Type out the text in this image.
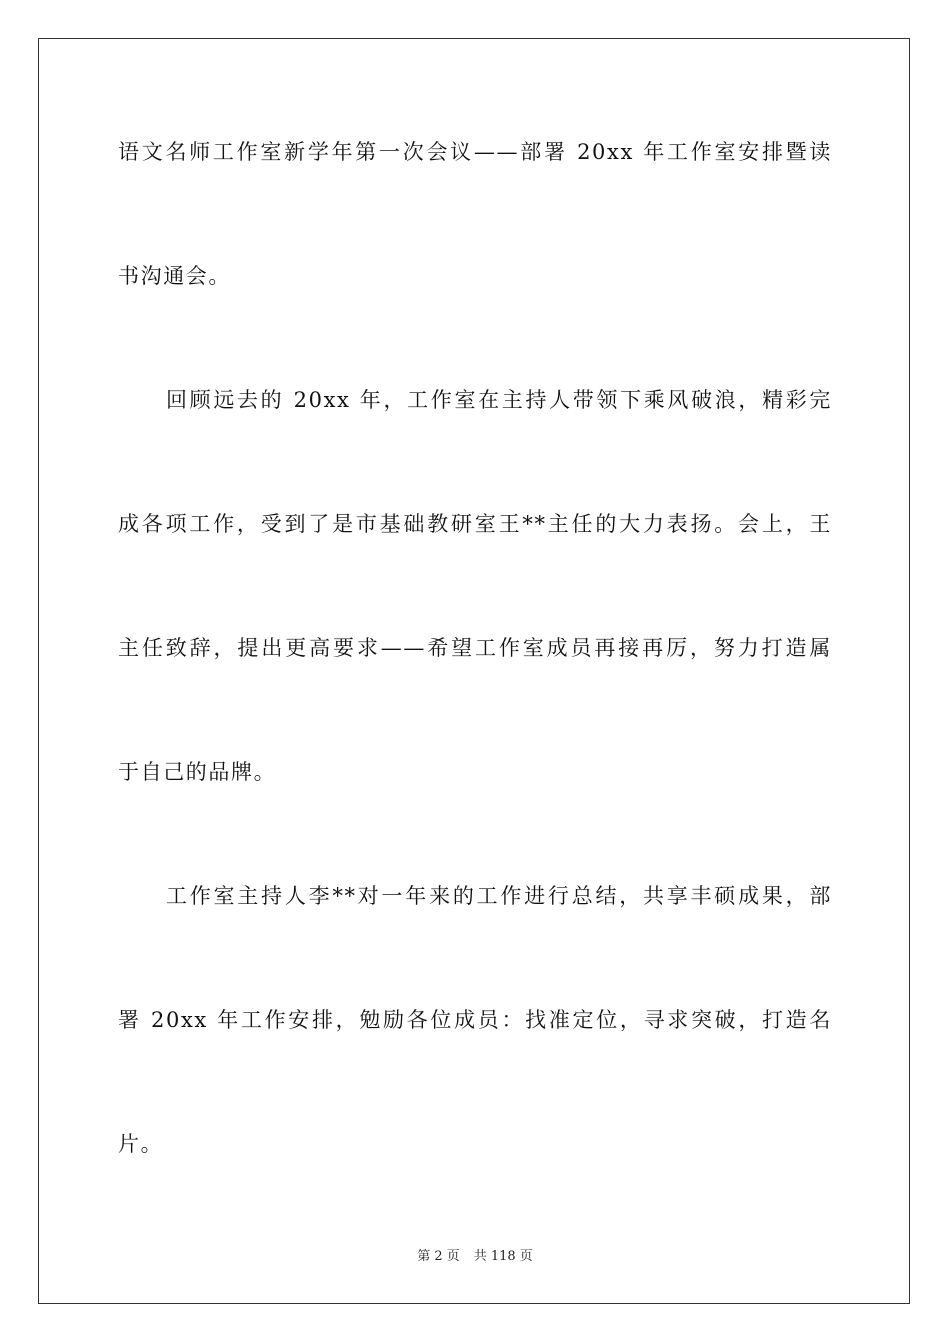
语文名师工作室新学年第一次会议——部署 20xx 年工作室安排暨读
书沟通会。
回顾远去的 20xx 年，工作室在主持人带领下乘风破浪，精彩完
成各项工作，受到了是市基础教研室王**主任的大力表扬。会上，王
主任致辞，提出更高要求——希望工作室成员再接再厉，努力打造属
于自己的品牌。
工作室主持人李**对一年来的工作进行总结，共享丰硕成果，部
署 20xx 年工作安排，勉励各位成员：找准定位，寻求突破，打造名
片。
第 2 页 共 118 页
